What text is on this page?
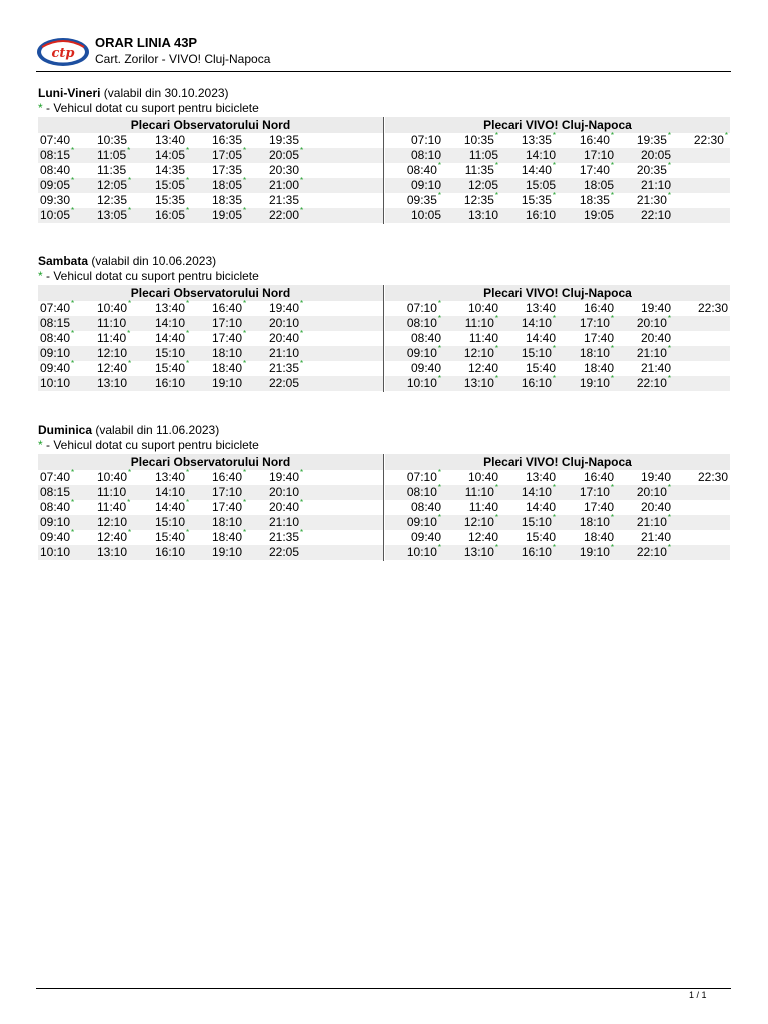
ctp
ORAR LINIA 43P
Cart. Zorilor - VIVO! Cluj-Napoca
Luni-Vineri (valabil din 30.10.2023)
* - Vehicul dotat cu suport pentru biciclete
Plecari Observatorului Nord	Plecari VIVO! Cluj-Napoca
07:40 10:35 13:40 16:35 19:35	07:10	10:35*	13:35*	16:40*	19:35*	22:30*
08:15* 11:05* 14:05* 17:05* 20:05*	08:10	11:05	14:10	17:10	20:05
08:40 11:35 14:35 17:35 20:30	08:40*	11:35*	14:40*	17:40*	20:35*
09:05* 12:05* 15:05* 18:05* 21:00*	09:10	12:05	15:05	18:05	21:10
09:30 12:35 15:35 18:35 21:35	09:35*	12:35*	15:35*	18:35*	21:30*
10:05* 13:05* 16:05* 19:05* 22:00*	10:05	13:10	16:10	19:05	22:10
Sambata (valabil din 10.06.2023)
* - Vehicul dotat cu suport pentru biciclete
Plecari Observatorului Nord	Plecari VIVO! Cluj-Napoca
07:40* 10:40* 13:40* 16:40* 19:40*	07:10*	10:40	13:40	16:40	19:40	22:30
08:15 11:10 14:10 17:10 20:10	08:10*	11:10*	14:10*	17:10*	20:10*
08:40* 11:40* 14:40* 17:40* 20:40*	08:40	11:40	14:40	17:40	20:40
09:10 12:10 15:10 18:10 21:10	09:10*	12:10*	15:10*	18:10*	21:10*
09:40* 12:40* 15:40* 18:40* 21:35*	09:40	12:40	15:40	18:40	21:40
10:10 13:10 16:10 19:10 22:05	10:10*	13:10*	16:10*	19:10*	22:10*
Duminica (valabil din 11.06.2023)
* - Vehicul dotat cu suport pentru biciclete
Plecari Observatorului Nord	Plecari VIVO! Cluj-Napoca
07:40* 10:40* 13:40* 16:40* 19:40*	07:10*	10:40	13:40	16:40	19:40	22:30
08:15 11:10 14:10 17:10 20:10	08:10*	11:10*	14:10*	17:10*	20:10*
08:40* 11:40* 14:40* 17:40* 20:40*	08:40	11:40	14:40	17:40	20:40
09:10 12:10 15:10 18:10 21:10	09:10*	12:10*	15:10*	18:10*	21:10*
09:40* 12:40* 15:40* 18:40* 21:35*	09:40	12:40	15:40	18:40	21:40
10:10 13:10 16:10 19:10 22:05	10:10*	13:10*	16:10*	19:10*	22:10*
1 / 1
